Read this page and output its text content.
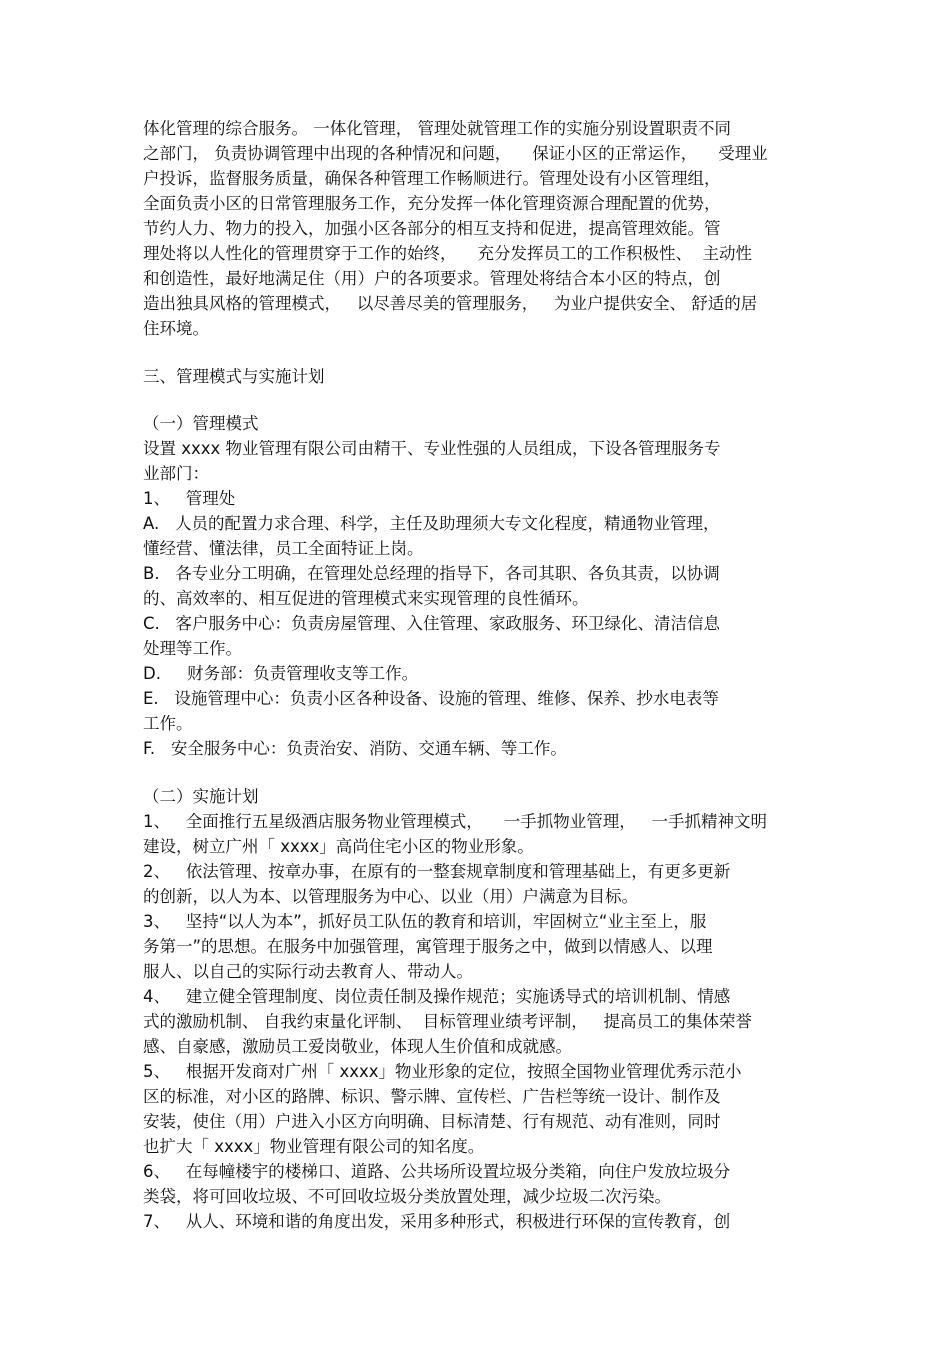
体化管理的综合服务。 一体化管理， 管理处就管理工作的实施分别设置职责不同
之部门， 负责协调管理中出现的各种情况和问题，    保证小区的正常运作，    受理业
户投诉，监督服务质量，确保各种管理工作畅顺进行。管理处设有小区管理组，
全面负责小区的日常管理服务工作，充分发挥一体化管理资源合理配置的优势，
节约人力、物力的投入，加强小区各部分的相互支持和促进，提高管理效能。管
理处将以人性化的管理贯穿于工作的始终，    充分发挥员工的工作积极性、  主动性
和创造性，最好地满足住（用）户的各项要求。管理处将结合本小区的特点，创
造出独具风格的管理模式，   以尽善尽美的管理服务，   为业户提供安全、 舒适的居
住环境。
三、管理模式与实施计划
（一）管理模式
设置 xxxx 物业管理有限公司由精干、专业性强的人员组成，下设各管理服务专
业部门：
1、   管理处
A.   人员的配置力求合理、科学，主任及助理须大专文化程度，精通物业管理，
懂经营、懂法律，员工全面特证上岗。
B.   各专业分工明确，在管理处总经理的指导下，各司其职、各负其责，以协调
的、高效率的、相互促进的管理模式来实现管理的良性循环。
C.   客户服务中心：负责房屋管理、入住管理、家政服务、环卫绿化、清洁信息
处理等工作。
D.     财务部：负责管理收支等工作。
E.   设施管理中心：负责小区各种设备、设施的管理、维修、保养、抄水电表等
工作。
F.   安全服务中心：负责治安、消防、交通车辆、等工作。
（二）实施计划
1、   全面推行五星级酒店服务物业管理模式，    一手抓物业管理，   一手抓精神文明
建设，树立广州「 xxxx」高尚住宅小区的物业形象。
2、   依法管理、按章办事，在原有的一整套规章制度和管理基础上，有更多更新
的创新，以人为本、以管理服务为中心、以业（用）户满意为目标。
3、   坚持“以人为本”，抓好员工队伍的教育和培训，牢固树立“业主至上，服
务第一”的思想。在服务中加强管理，寓管理于服务之中，做到以情感人、以理
服人、以自己的实际行动去教育人、带动人。
4、   建立健全管理制度、岗位责任制及操作规范；实施诱导式的培训机制、情感
式的激励机制、 自我约束量化评制、  目标管理业绩考评制，   提高员工的集体荣誉
感、自豪感，激励员工爱岗敬业，体现人生价值和成就感。
5、   根据开发商对广州「 xxxx」物业形象的定位，按照全国物业管理优秀示范小
区的标准，对小区的路牌、标识、警示牌、宣传栏、广告栏等统一设计、制作及
安装，使住（用）户进入小区方向明确、目标清楚、行有规范、动有准则，同时
也扩大「 xxxx」物业管理有限公司的知名度。
6、   在每幢楼宇的楼梯口、道路、公共场所设置垃圾分类箱，向住户发放垃圾分
类袋，将可回收垃圾、不可回收垃圾分类放置处理，减少垃圾二次污染。
7、   从人、环境和谐的角度出发，采用多种形式，积极进行环保的宣传教育，创
